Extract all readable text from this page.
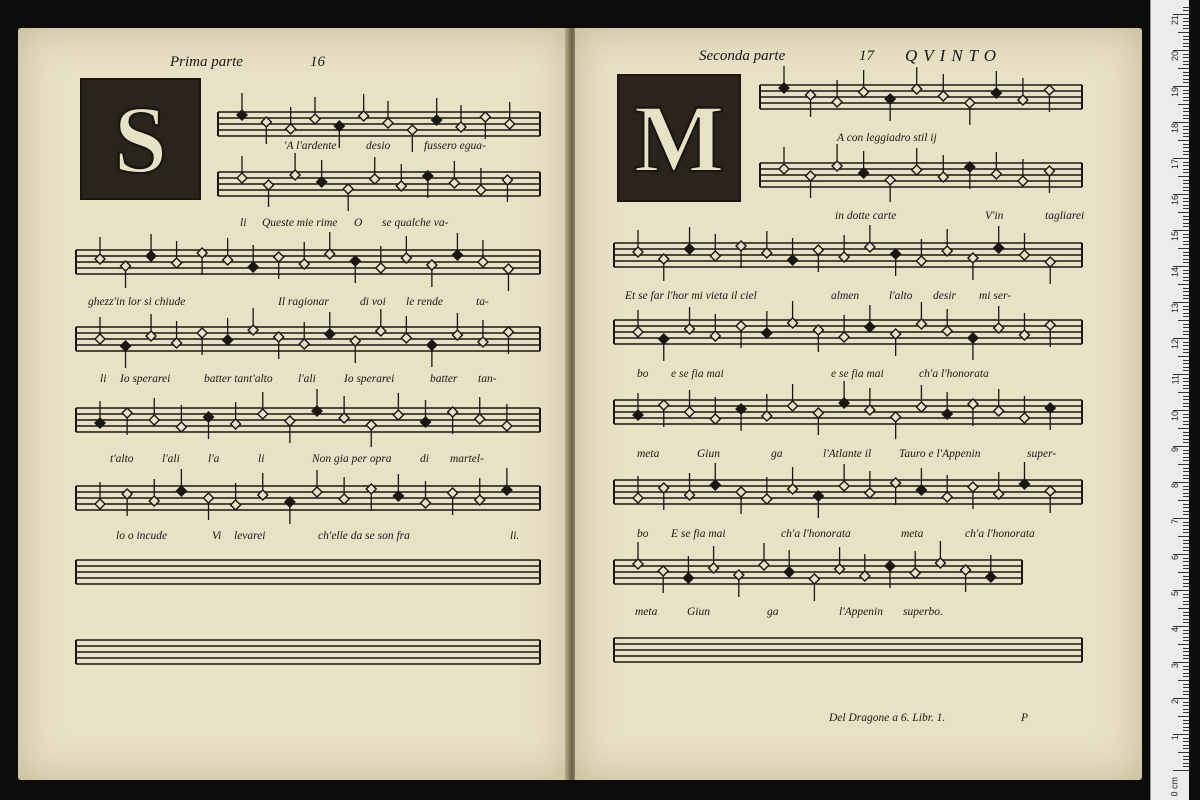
Prima parte	16
S	'A l'ardente	desio	fussero egua-
li Queste mie rime O se qualche va-
ghezz'in lor si chiude	Il ragionar	di voi le rende	ta-
li Io sperarei	batter tant'alto l'ali Io sperarei	batter tan-
t'alto l'ali l'a	li	Non gia per opra di martel-
lo o incude	Vi levarei	ch'elle da se son fra	li.
Seconda parte	17 QVINTO
M	A con leggiadro stil ij
in dotte carte	V'in	tagliarei
Et se far l'hor mi vieta il ciel	almen	l'alto desir mi ser-
bo e se fia mai	e se fia mai	ch'a l'honorata
meta	Giun	ga	l'Atlante il Tauro e l'Appenin	super-
bo E se fia mai	ch'a l'honorata	meta	ch'a l'honorata
meta	Giun	ga	l'Appenin superbo.
Del Dragone a 6. Libr. 1.	P
1
2
3
4
5
6
7
8
9
10
11
12
13
14
15
16
17
18
19
20
21
0 cm
